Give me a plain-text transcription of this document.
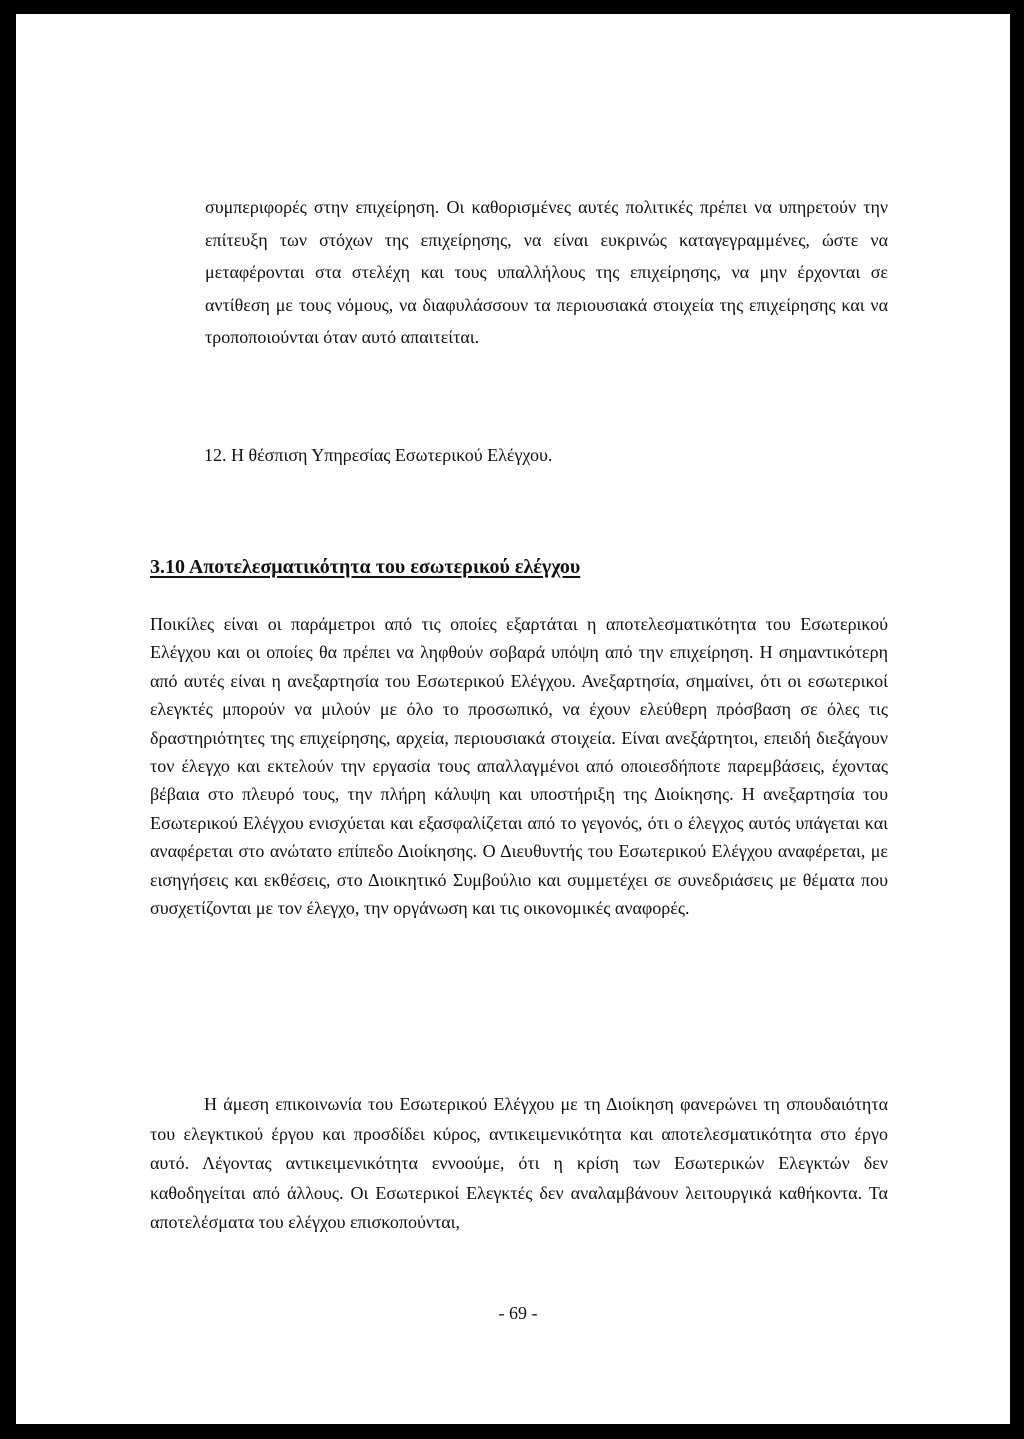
συμπεριφορές στην επιχείρηση. Οι καθορισμένες αυτές πολιτικές πρέπει να υπηρετούν την επίτευξη των στόχων της επιχείρησης, να είναι ευκρινώς καταγεγραμμένες, ώστε να μεταφέρονται στα στελέχη και τους υπαλλήλους της επιχείρησης, να μην έρχονται σε αντίθεση με τους νόμους, να διαφυλάσσουν τα περιουσιακά στοιχεία της επιχείρησης και να τροποποιούνται όταν αυτό απαιτείται.

12. Η θέσπιση Υπηρεσίας Εσωτερικού Ελέγχου.

3.10 Αποτελεσματικότητα του εσωτερικού ελέγχου

Ποικίλες είναι οι παράμετροι από τις οποίες εξαρτάται η αποτελεσματικότητα του Εσωτερικού Ελέγχου και οι οποίες θα πρέπει να ληφθούν σοβαρά υπόψη από την επιχείρηση. Η σημαντικότερη από αυτές είναι η ανεξαρτησία του Εσωτερικού Ελέγχου. Ανεξαρτησία, σημαίνει, ότι οι εσωτερικοί ελεγκτές μπορούν να μιλούν με όλο το προσωπικό, να έχουν ελεύθερη πρόσβαση σε όλες τις δραστηριότητες της επιχείρησης, αρχεία, περιουσιακά στοιχεία. Είναι ανεξάρτητοι, επειδή διεξάγουν τον έλεγχο και εκτελούν την εργασία τους απαλλαγμένοι από οποιεσδήποτε παρεμβάσεις, έχοντας βέβαια στο πλευρό τους, την πλήρη κάλυψη και υποστήριξη της Διοίκησης. Η ανεξαρτησία του Εσωτερικού Ελέγχου ενισχύεται και εξασφαλίζεται από το γεγονός, ότι ο έλεγχος αυτός υπάγεται και αναφέρεται στο ανώτατο επίπεδο Διοίκησης. Ο Διευθυντής του Εσωτερικού Ελέγχου αναφέρεται, με εισηγήσεις και εκθέσεις, στο Διοικητικό Συμβούλιο και συμμετέχει σε συνεδριάσεις με θέματα που συσχετίζονται με τον έλεγχο, την οργάνωση και τις οικονομικές αναφορές.

Η άμεση επικοινωνία του Εσωτερικού Ελέγχου με τη Διοίκηση φανερώνει τη σπουδαιότητα του ελεγκτικού έργου και προσδίδει κύρος, αντικειμενικότητα και αποτελεσματικότητα στο έργο αυτό. Λέγοντας αντικειμενικότητα εννοούμε, ότι η κρίση των Εσωτερικών Ελεγκτών δεν καθοδηγείται από άλλους. Οι Εσωτερικοί Ελεγκτές δεν αναλαμβάνουν λειτουργικά καθήκοντα. Τα αποτελέσματα του ελέγχου επισκοπούνται,

- 69 -
